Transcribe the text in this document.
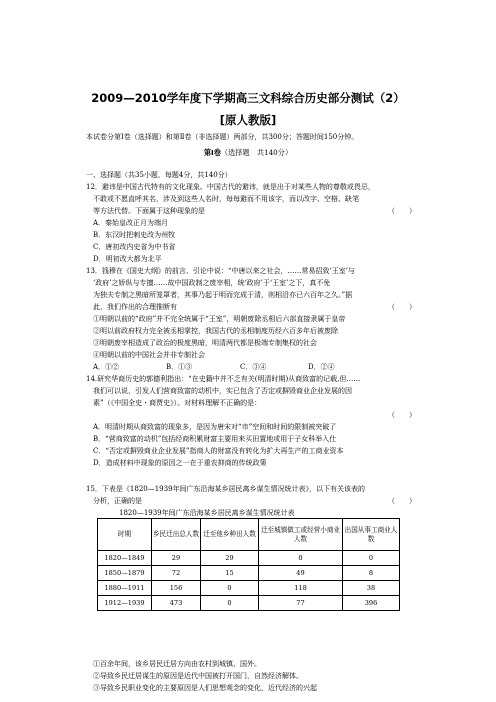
2009—2010学年度下学期高三文科综合历史部分测试（2）
[原人教版]
本试卷分第Ⅰ卷（选择题）和第Ⅱ卷（非选择题）两部分，共300分；答题时间150分钟。
第Ⅰ卷（选择题　共140分）
一、选择题（共35小题，每题4分，共140分）
12．避讳是中国古代特有的文化现象。中国古代的避讳，就是出于对某些人物的尊敬或畏忌，
不敢或不愿直呼其名，涉及到这些人名时，每每避而不用该字，而以改字、空格、缺笔
等方法代替。下面属于这种现象的是	（　　）
A．秦始皇改正月为端月
B．东汉时把刺史改为州牧
C．唐初改内史省为中书省
D．明初改大都为北平
13．钱穆在《国史大纲》的前言、引论中说：“中唐以来之社会，……常易招致‘王室’与
‘政府’之娇纵与专擅……故中国政制之废宰相，统‘政府’于‘王室’之下，真不免
为独夫专制之黑暗所笼罩者，其事乃起于明而完成于清，则相沿亦已六百年之久。”据
此，我们作出的合理推断有	（　　）
①明朝以前的“政府”并不完全统属于“王室”，明朝废除丞相后六部直接隶属于皇帝
②明以前政府权力完全被丞相掌控，我国古代的丞相制度历经六百多年后被废除
③明朝废宰相造成了政治的极度黑暗，明清两代都是极端专制集权的社会
④明朝以前的中国社会并非专制社会
A．①②	B．①③	C．③④	D．②④
14.研究华商历史的郭德利指出：“在史籍中并不乏有关(明清时期)从商致富的记载,但……
我们可以说，引发人们营商致富的动机中，实已包含了否定或摒毁商业企业发展的因
素”（《中国全史・商贾史》）。对材料理解不正确的是：
（　　）
A．明清时期从商致富的现象多，是因为唐宋对“市”空间和时间的限制被突破了
B．“营商致富的动机”包括经商积累财富主要用来买田置地或用于子女科举入仕
C．“否定或摒毁商业企业发展”指商人的财富没有转化为扩大再生产的工商业资本
D．造成材料中现象的原因之一在于重农抑商的传统政策
15．下表是《1820—1939年间广东沿海某乡居民离乡谋生情况统计表》，以下有关该表的
分析，正确的是	（　　）
1820—1939年间广东沿海某乡居民离乡谋生情况统计表
时期	乡民迁出总人数	迁至他乡种田人数	迁至城镇做工或经营小商业人数	出国从事工商业人数
1820—1849	29	29	0	0
1850—1879	72	15	49	8
1880—1911	156	0	118	38
1912—1939	473	0	77	396
①百余年间，该乡居民迁居方向由农村到城镇、国外。
②导致乡民迁居谋生的原因是近代中国被打开国门，自然经济解体。
③导致乡民职业变化的主要原因是人们思想观念的变化，近代经济的兴起
